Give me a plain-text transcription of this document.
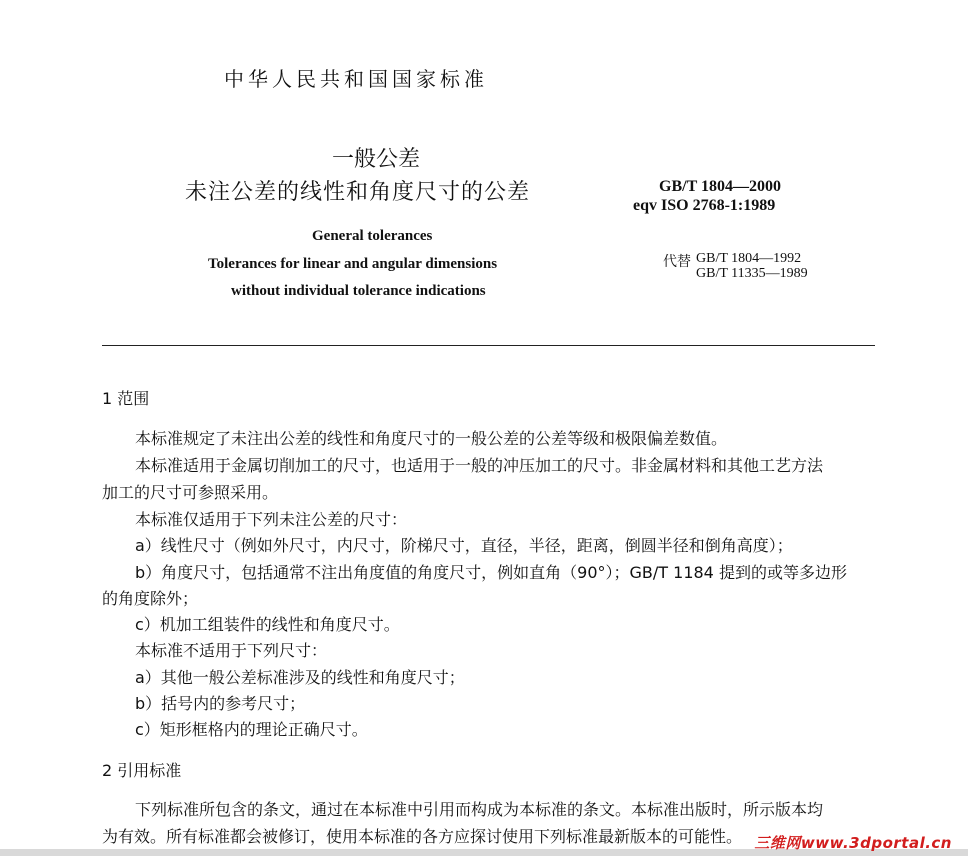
中华人民共和国国家标准
一般公差
未注公差的线性和角度尺寸的公差	GB/T 1804—2000
eqv ISO 2768-1:1989
General tolerances
Tolerances for linear and angular dimensions
without individual tolerance indications
代替 GB/T 1804—1992
GB/T 11335—1989
1 范围
本标准规定了未注出公差的线性和角度尺寸的一般公差的公差等级和极限偏差数值。
本标准适用于金属切削加工的尺寸，也适用于一般的冲压加工的尺寸。非金属材料和其他工艺方法
加工的尺寸可参照采用。
本标准仅适用于下列未注公差的尺寸：
a）线性尺寸（例如外尺寸，内尺寸，阶梯尺寸，直径，半径，距离，倒圆半径和倒角高度）；
b）角度尺寸，包括通常不注出角度值的角度尺寸，例如直角（90°）；GB/T 1184 提到的或等多边形
的角度除外；
c）机加工组装件的线性和角度尺寸。
本标准不适用于下列尺寸：
a）其他一般公差标准涉及的线性和角度尺寸；
b）括号内的参考尺寸；
c）矩形框格内的理论正确尺寸。
2 引用标准
下列标准所包含的条文，通过在本标准中引用而构成为本标准的条文。本标准出版时，所示版本均
为有效。所有标准都会被修订，使用本标准的各方应探讨使用下列标准最新版本的可能性。 三维网www.3dportal.cn
